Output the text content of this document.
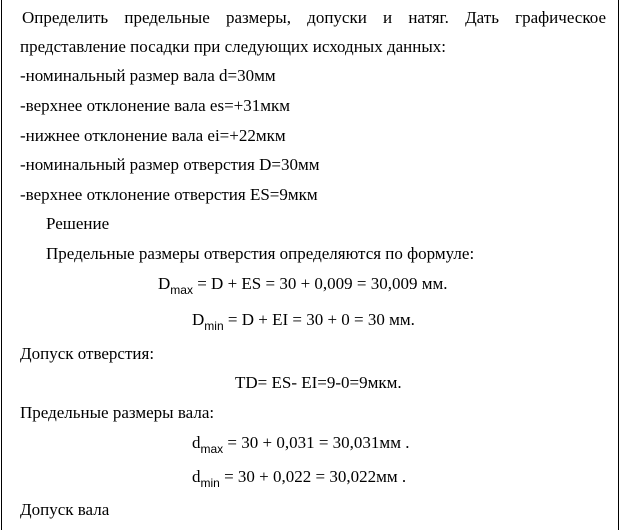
Определить предельные размеры, допуски и натяг. Дать графическое
представление посадки при следующих исходных данных:
-номинальный размер вала d=30мм
-верхнее отклонение вала es=+31мкм
-нижнее отклонение вала ei=+22мкм
-номинальный размер отверстия D=30мм
-верхнее отклонение отверстия ES=9мкм
Решение
Предельные размеры отверстия определяются по формуле:
$D_{max} = D$ + ES = 30 + 0,009 = 30,009 мм.
$D_{min} = D$ + EI = 30 + 0 = 30 мм.
Допуск отверстия:
TD= ES- EI=9-0=9мкм.
Предельные размеры вала:
$d_{max} = 30 + 0,031 = 30,031мм$ .
$d_{min} = 30 + 0,022 = 30,022мм$ .
Допуск вала
